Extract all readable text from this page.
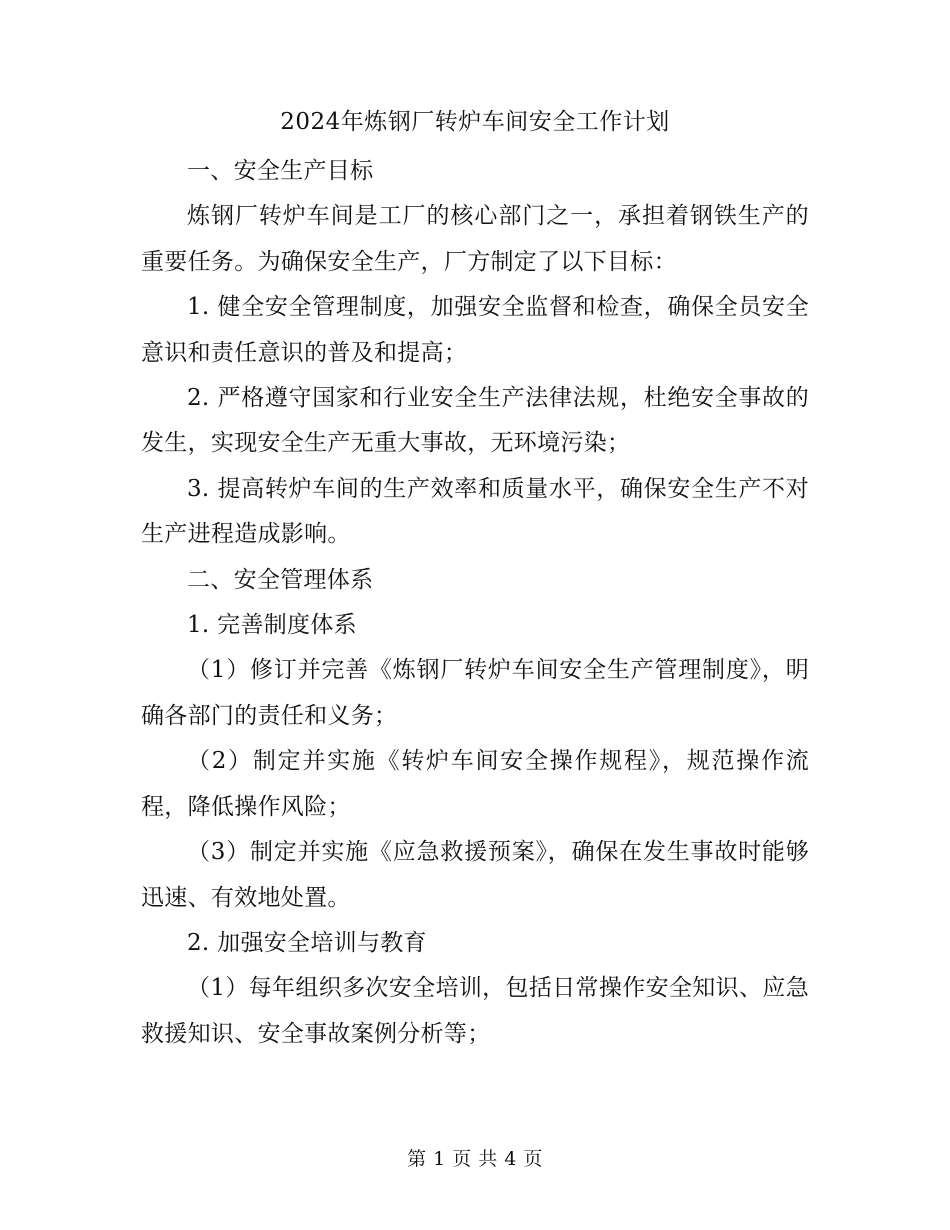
2024年炼钢厂转炉车间安全工作计划

一、安全生产目标

炼钢厂转炉车间是工厂的核心部门之一，承担着钢铁生产的重要任务。为确保安全生产，厂方制定了以下目标：

1. 健全安全管理制度，加强安全监督和检查，确保全员安全意识和责任意识的普及和提高；

2. 严格遵守国家和行业安全生产法律法规，杜绝安全事故的发生，实现安全生产无重大事故，无环境污染；

3. 提高转炉车间的生产效率和质量水平，确保安全生产不对生产进程造成影响。

二、安全管理体系

1. 完善制度体系

（1）修订并完善《炼钢厂转炉车间安全生产管理制度》，明确各部门的责任和义务；

（2）制定并实施《转炉车间安全操作规程》，规范操作流程，降低操作风险；

（3）制定并实施《应急救援预案》，确保在发生事故时能够迅速、有效地处置。

2. 加强安全培训与教育

（1）每年组织多次安全培训，包括日常操作安全知识、应急救援知识、安全事故案例分析等；

第 1 页 共 4 页
